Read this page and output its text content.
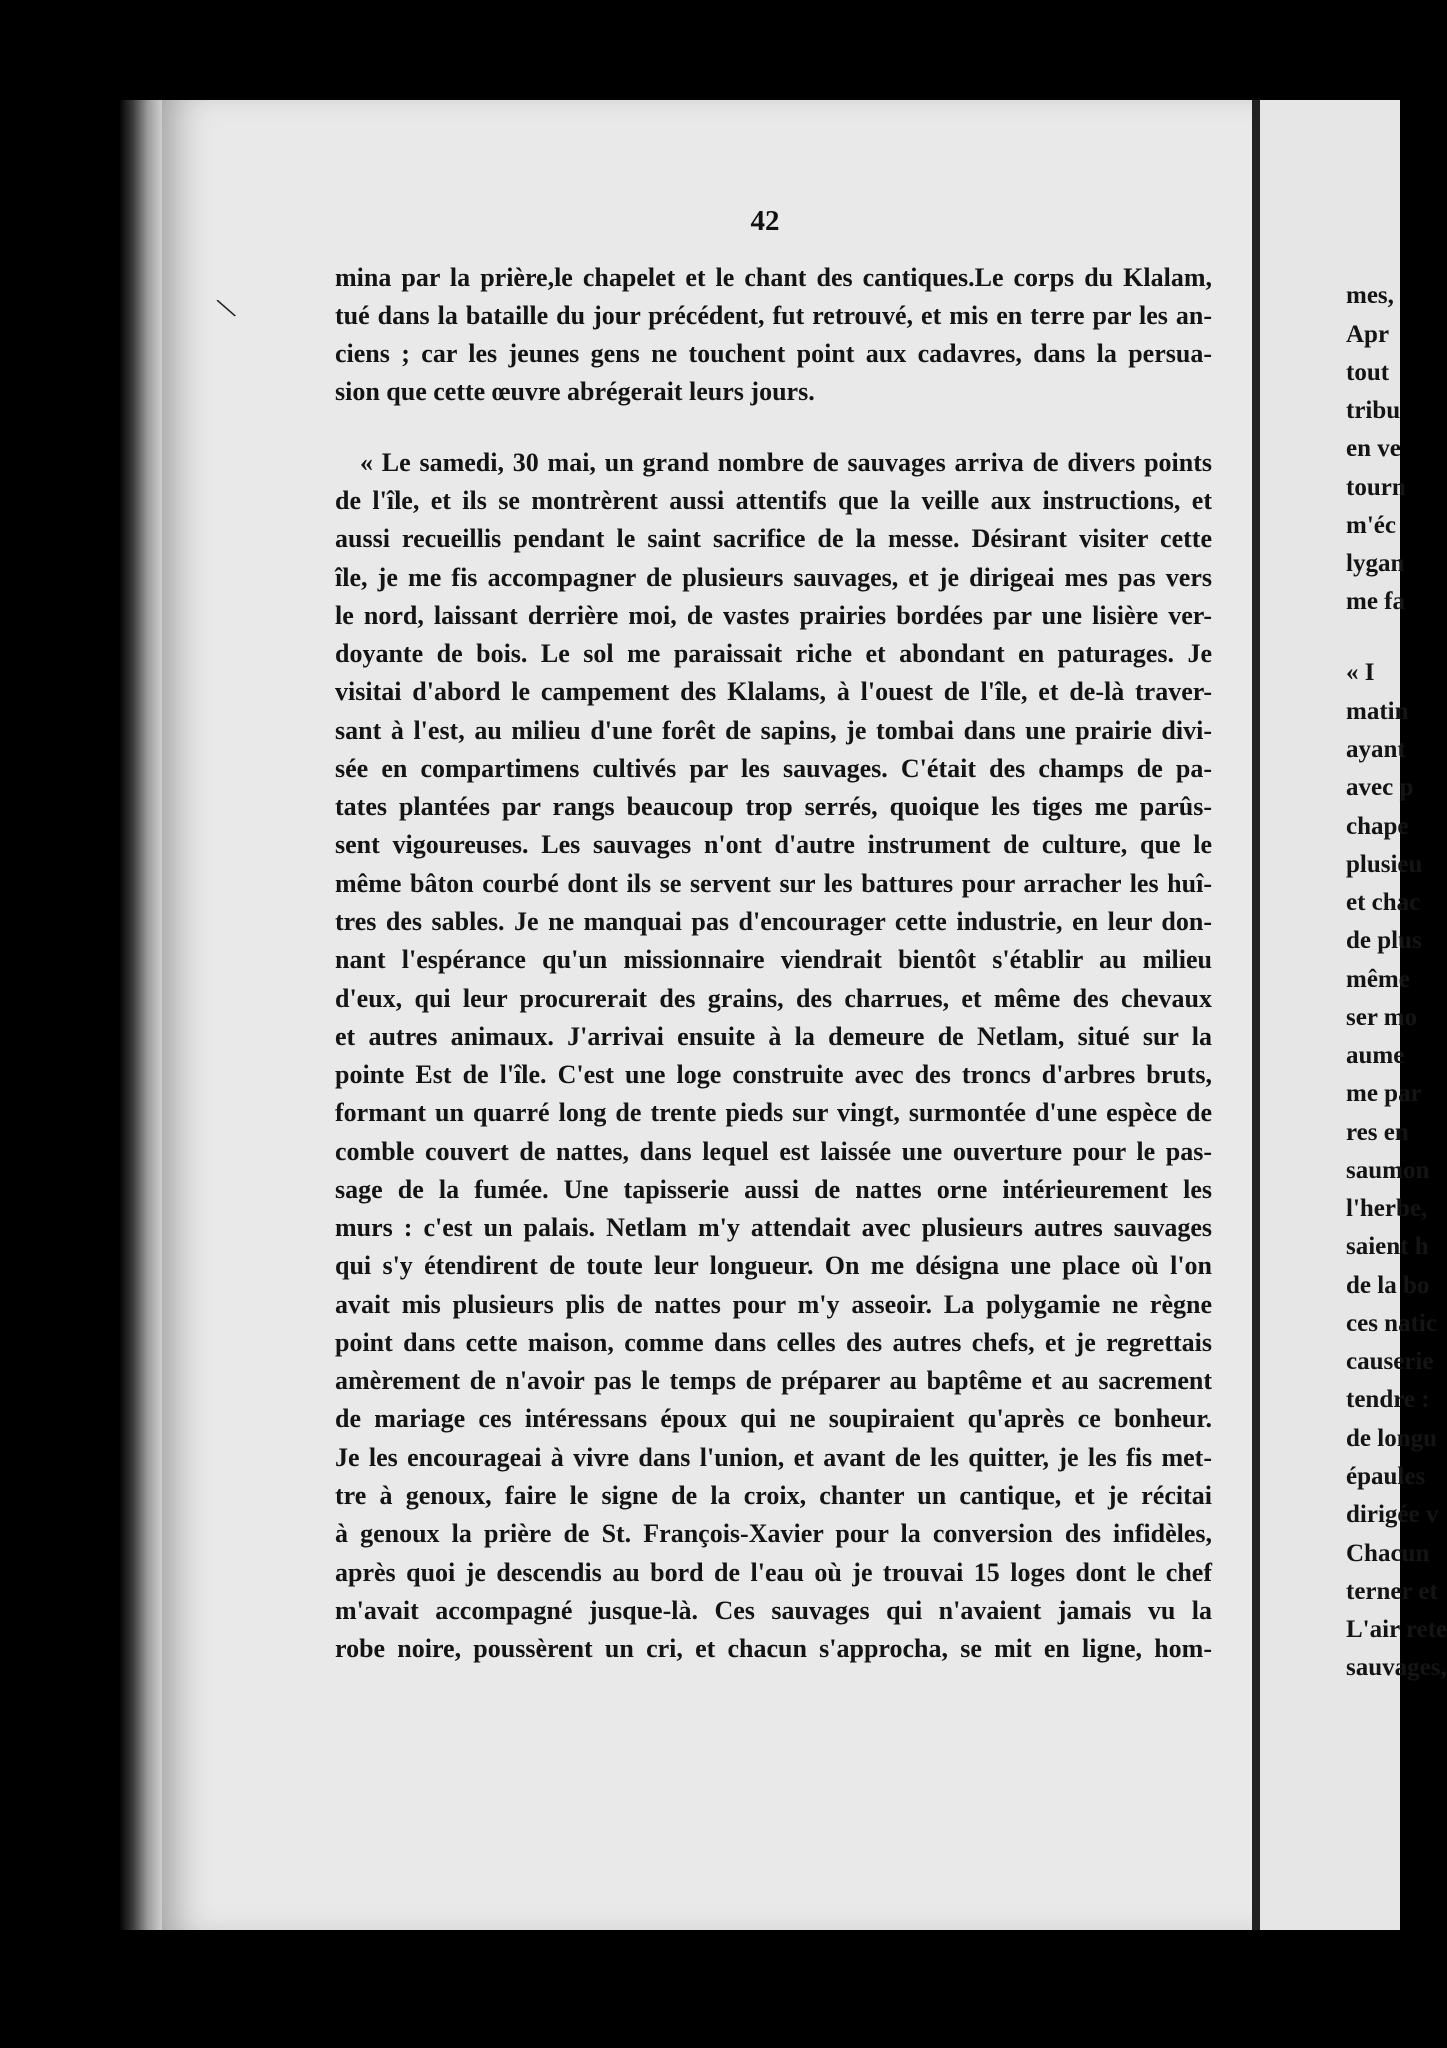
\
42
mina par la prière,le chapelet et le chant des cantiques.Le corps du Klalam,
tué dans la bataille du jour précédent, fut retrouvé, et mis en terre par les an-
ciens ; car les jeunes gens ne touchent point aux cadavres, dans la persua-
sion que cette œuvre abrégerait leurs jours.
« Le samedi, 30 mai, un grand nombre de sauvages arriva de divers points
de l'île, et ils se montrèrent aussi attentifs que la veille aux instructions, et
aussi recueillis pendant le saint sacrifice de la messe. Désirant visiter cette
île, je me fis accompagner de plusieurs sauvages, et je dirigeai mes pas vers
le nord, laissant derrière moi, de vastes prairies bordées par une lisière ver-
doyante de bois. Le sol me paraissait riche et abondant en paturages. Je
visitai d'abord le campement des Klalams, à l'ouest de l'île, et de-là traver-
sant à l'est, au milieu d'une forêt de sapins, je tombai dans une prairie divi-
sée en compartimens cultivés par les sauvages. C'était des champs de pa-
tates plantées par rangs beaucoup trop serrés, quoique les tiges me parûs-
sent vigoureuses. Les sauvages n'ont d'autre instrument de culture, que le
même bâton courbé dont ils se servent sur les battures pour arracher les huî-
tres des sables. Je ne manquai pas d'encourager cette industrie, en leur don-
nant l'espérance qu'un missionnaire viendrait bientôt s'établir au milieu
d'eux, qui leur procurerait des grains, des charrues, et même des chevaux
et autres animaux. J'arrivai ensuite à la demeure de Netlam, situé sur la
pointe Est de l'île. C'est une loge construite avec des troncs d'arbres bruts,
formant un quarré long de trente pieds sur vingt, surmontée d'une espèce de
comble couvert de nattes, dans lequel est laissée une ouverture pour le pas-
sage de la fumée. Une tapisserie aussi de nattes orne intérieurement les
murs : c'est un palais. Netlam m'y attendait avec plusieurs autres sauvages
qui s'y étendirent de toute leur longueur. On me désigna une place où l'on
avait mis plusieurs plis de nattes pour m'y asseoir. La polygamie ne règne
point dans cette maison, comme dans celles des autres chefs, et je regrettais
amèrement de n'avoir pas le temps de préparer au baptême et au sacrement
de mariage ces intéressans époux qui ne soupiraient qu'après ce bonheur.
Je les encourageai à vivre dans l'union, et avant de les quitter, je les fis met-
tre à genoux, faire le signe de la croix, chanter un cantique, et je récitai
à genoux la prière de St. François-Xavier pour la conversion des infidèles,
après quoi je descendis au bord de l'eau où je trouvai 15 loges dont le chef
m'avait accompagné jusque-là. Ces sauvages qui n'avaient jamais vu la
robe noire, poussèrent un cri, et chacun s'approcha, se mit en ligne, hom-
mes,
Apr
tout
tribu
en ve
tourn
m'éc
lygan
me fa
« I
matin
ayant
avec p
chape
plusieu
et chac
de plus
même
ser mo
aume
me par
res en
saumon
l'herbe,
saient h
de la bo
ces natic
causerie
tendre :
de longu
épaules
dirigée v
Chacun
terner et
L'air rete
sauvages,
